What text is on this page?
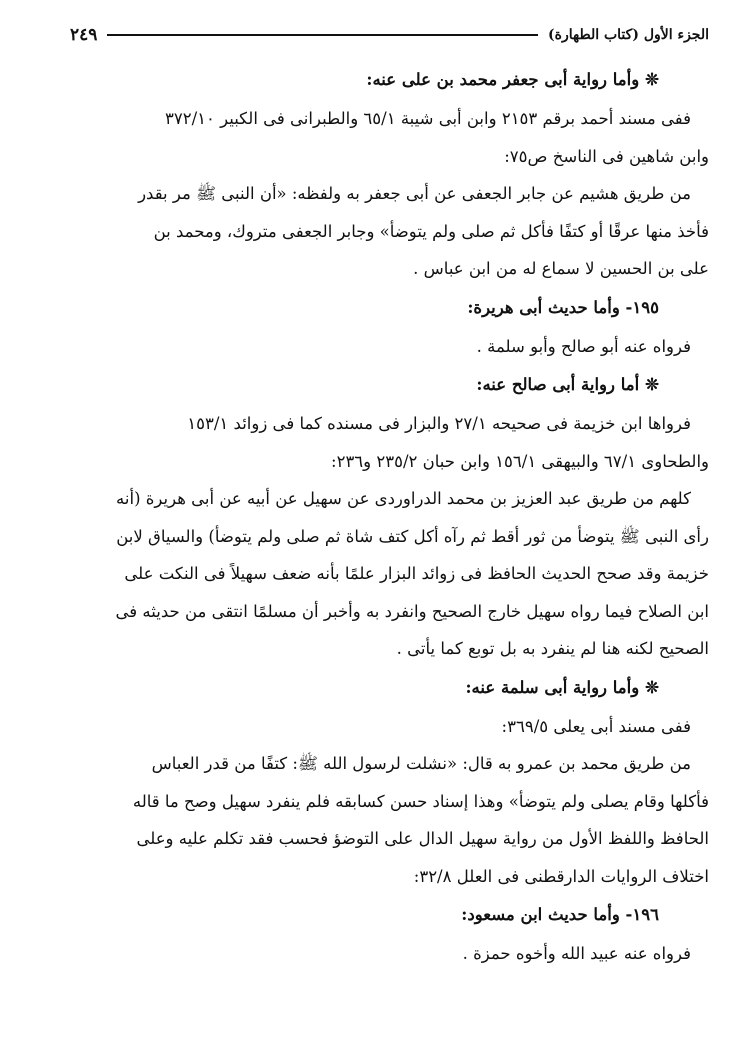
الجزء الأول (كتاب الطهارة)
٢٤٩

❊وأما رواية أبى جعفر محمد بن على عنه:

ففى مسند أحمد برقم ٢١٥٣ وابن أبى شيبة ٦٥/١ والطبرانى فى الكبير ٣٧٢/١٠

وابن شاهين فى الناسخ ص٧٥:

من طريق هشيم عن جابر الجعفى عن أبى جعفر به ولفظه: «أن النبى ﷺ مر بقدر

فأخذ منها عرقًا أو كتفًا فأكل ثم صلى ولم يتوضأ» وجابر الجعفى متروك، ومحمد بن

على بن الحسين لا سماع له من ابن عباس .

١٩٥- وأما حديث أبى هريرة:

فرواه عنه أبو صالح وأبو سلمة .

❊أما رواية أبى صالح عنه:

فرواها ابن خزيمة فى صحيحه ٢٧/١ والبزار فى مسنده كما فى زوائد ١٥٣/١

والطحاوى ٦٧/١ والبيهقى ١٥٦/١ وابن حبان ٢٣٥/٢ و٢٣٦:

كلهم من طريق عبد العزيز بن محمد الدراوردى عن سهيل عن أبيه عن أبى هريرة (أنه

رأى النبى ﷺ يتوضأ من ثور أقط ثم رآه أكل كتف شاة ثم صلى ولم يتوضأ) والسياق لابن

خزيمة وقد صحح الحديث الحافظ فى زوائد البزار علمًا بأنه ضعف سهيلاً فى النكت على

ابن الصلاح فيما رواه سهيل خارج الصحيح وانفرد به وأخبر أن مسلمًا انتقى من حديثه فى

الصحيح لكنه هنا لم ينفرد به بل توبع كما يأتى .

❊وأما رواية أبى سلمة عنه:

ففى مسند أبى يعلى ٣٦٩/٥:

من طريق محمد بن عمرو به قال: «نشلت لرسول الله ﷺ: كتفًا من قدر العباس

فأكلها وقام يصلى ولم يتوضأ» وهذا إسناد حسن كسابقه فلم ينفرد سهيل وصح ما قاله

الحافظ واللفظ الأول من رواية سهيل الدال على التوضؤ فحسب فقد تكلم عليه وعلى

اختلاف الروايات الدارقطنى فى العلل ٣٢/٨:

١٩٦- وأما حديث ابن مسعود:

فرواه عنه عبيد الله وأخوه حمزة .
